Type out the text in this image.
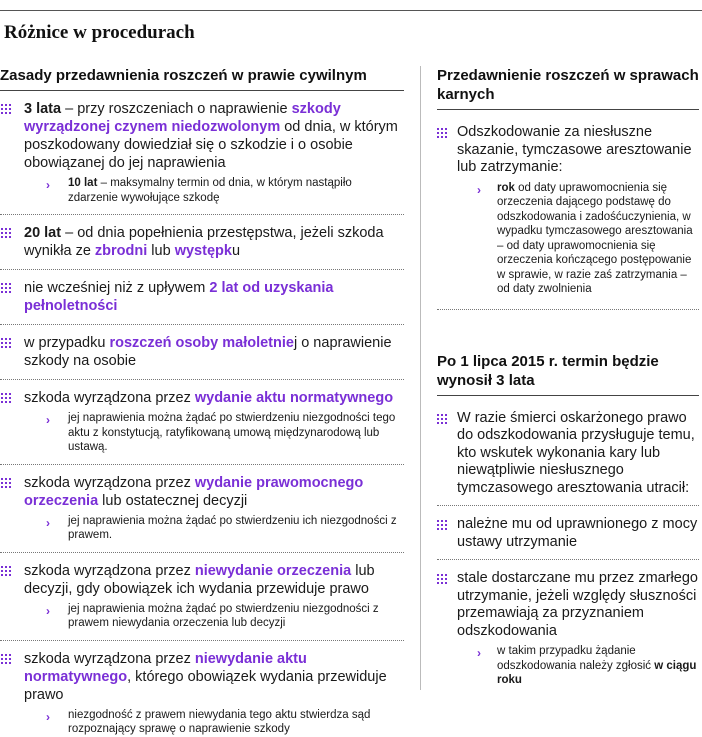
Różnice w procedurach
Zasady przedawnienia roszczeń w prawie cywilnym
3 lata – przy roszczeniach o naprawienie szkody wyrządzonej czynem niedozwolonym od dnia, w którym poszkodowany dowiedział się o szkodzie i o osobie obowiązanej do jej naprawienia
› 10 lat – maksymalny termin od dnia, w którym nastąpiło zdarzenie wywołujące szkodę
20 lat – od dnia popełnienia przestępstwa, jeżeli szkoda wynikła ze zbrodni lub występku
nie wcześniej niż z upływem 2 lat od uzyskania pełnoletności
w przypadku roszczeń osoby małoletniej o naprawienie szkody na osobie
szkoda wyrządzona przez wydanie aktu normatywnego
› jej naprawienia można żądać po stwierdzeniu niezgodności tego aktu z konstytucją, ratyfikowaną umową międzynarodową lub ustawą.
szkoda wyrządzona przez wydanie prawomocnego orzeczenia lub ostatecznej decyzji
› jej naprawienia można żądać po stwierdzeniu ich niezgodności z prawem.
szkoda wyrządzona przez niewydanie orzeczenia lub decyzji, gdy obowiązek ich wydania przewiduje prawo
› jej naprawienia można żądać po stwierdzeniu niezgodności z prawem niewydania orzeczenia lub decyzji
szkoda wyrządzona przez niewydanie aktu normatywnego, którego obowiązek wydania przewiduje prawo
› niezgodność z prawem niewydania tego aktu stwierdza sąd rozpoznający sprawę o naprawienie szkody
Przedawnienie roszczeń w sprawach karnych
Odszkodowanie za niesłuszne skazanie, tymczasowe aresztowanie lub zatrzymanie:
› rok od daty uprawomocnienia się orzeczenia dającego podstawę do odszkodowania i zadośćuczynienia, w wypadku tymczasowego aresztowania – od daty uprawomocnienia się orzeczenia kończącego postępowanie w sprawie, w razie zaś zatrzymania – od daty zwolnienia
Po 1 lipca 2015 r. termin będzie wynosił 3 lata
W razie śmierci oskarżonego prawo do odszkodowania przysługuje temu, kto wskutek wykonania kary lub niewątpliwie niesłusznego tymczasowego aresztowania utracił:
należne mu od uprawnionego z mocy ustawy utrzymanie
stale dostarczane mu przez zmarłego utrzymanie, jeżeli względy słuszności przemawiają za przyznaniem odszkodowania
› w takim przypadku żądanie odszkodowania należy zgłosić w ciągu roku
